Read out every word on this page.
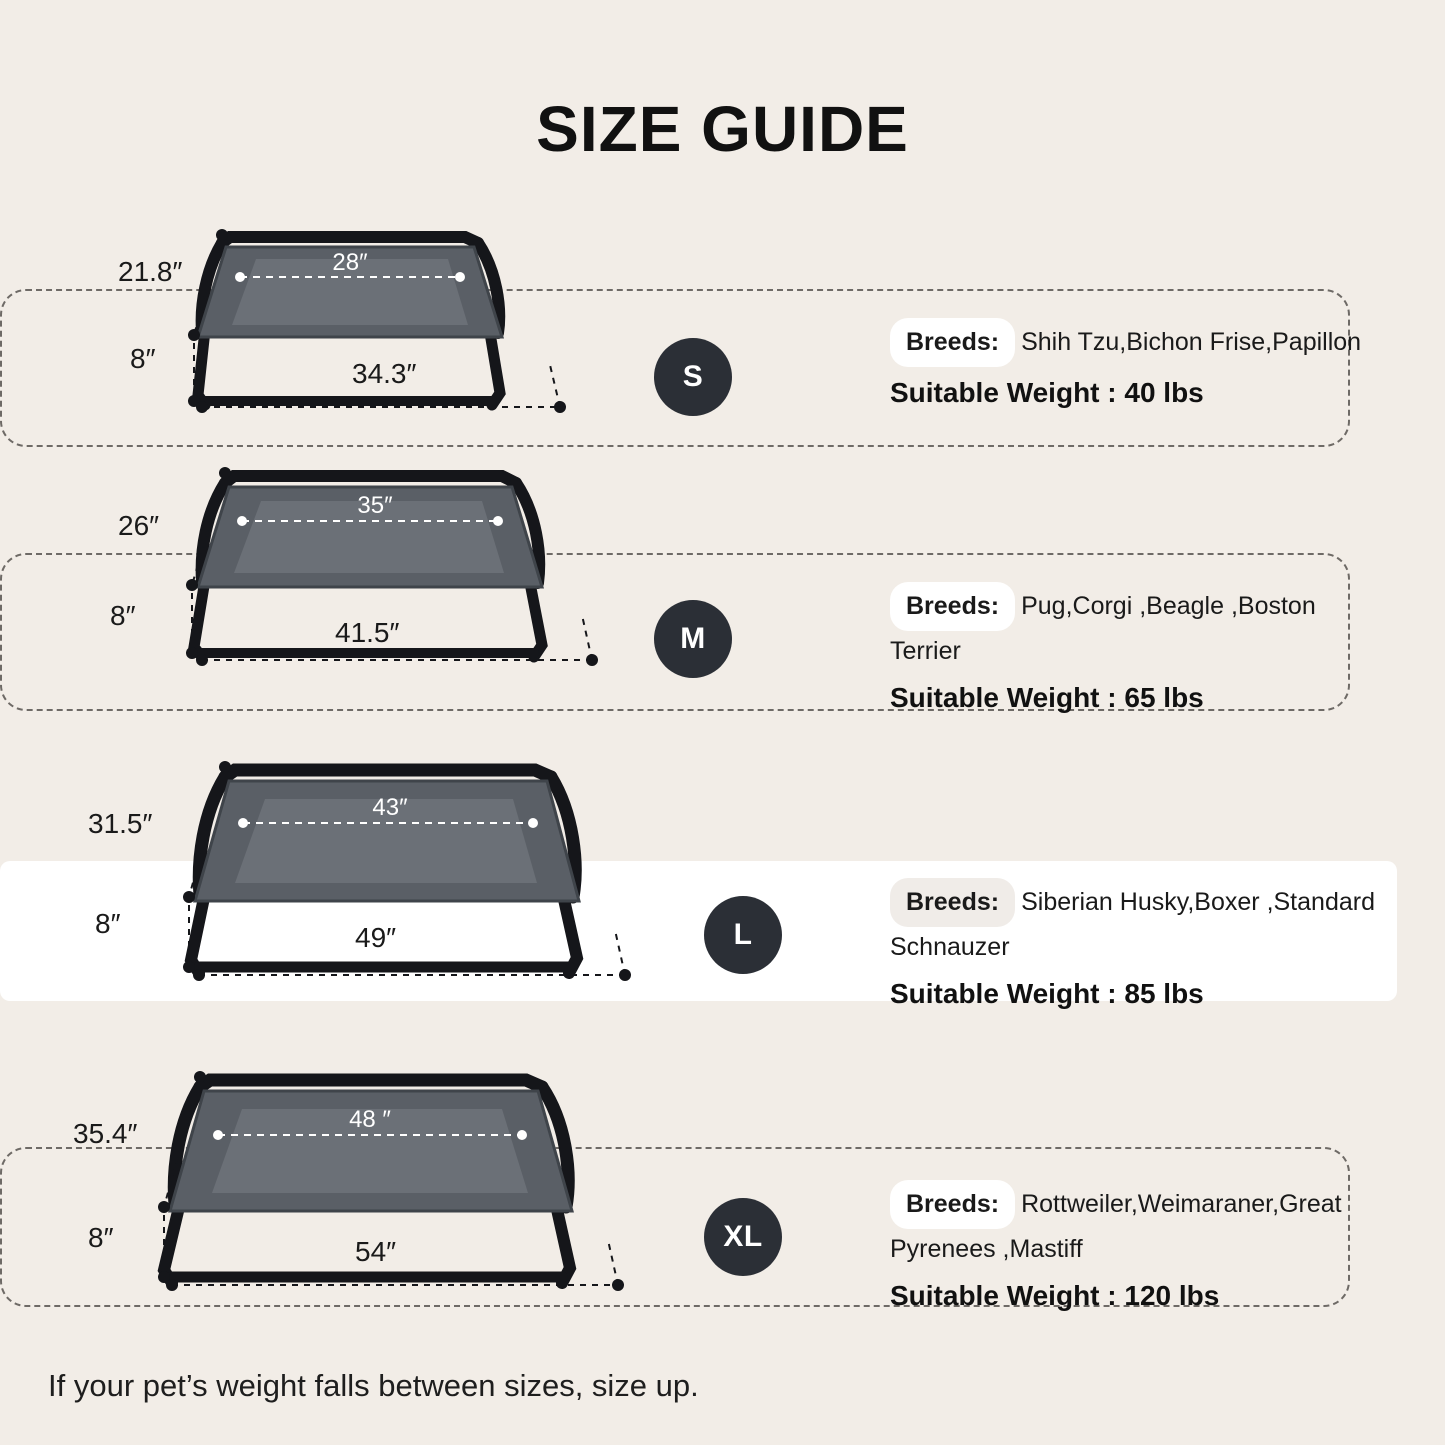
SIZE GUIDE
28″
21.8″
8″	34.3″	S
Breeds: Shih Tzu,Bichon Frise,Papillon
Suitable Weight : 40 lbs
35″
26″
8″
41.5″	M
Breeds: Pug,Corgi ,Beagle ,Boston Terrier
Suitable Weight : 65 lbs
43″
31.5″
8″	49″	L
Breeds: Siberian Husky,Boxer ,Standard Schnauzer
Suitable Weight : 85 lbs
48 ″
35.4″
8″	54″	XL
Breeds: Rottweiler,Weimaraner,Great Pyrenees ,Mastiff
Suitable Weight : 120 lbs
If your pet’s weight falls between sizes, size up.
